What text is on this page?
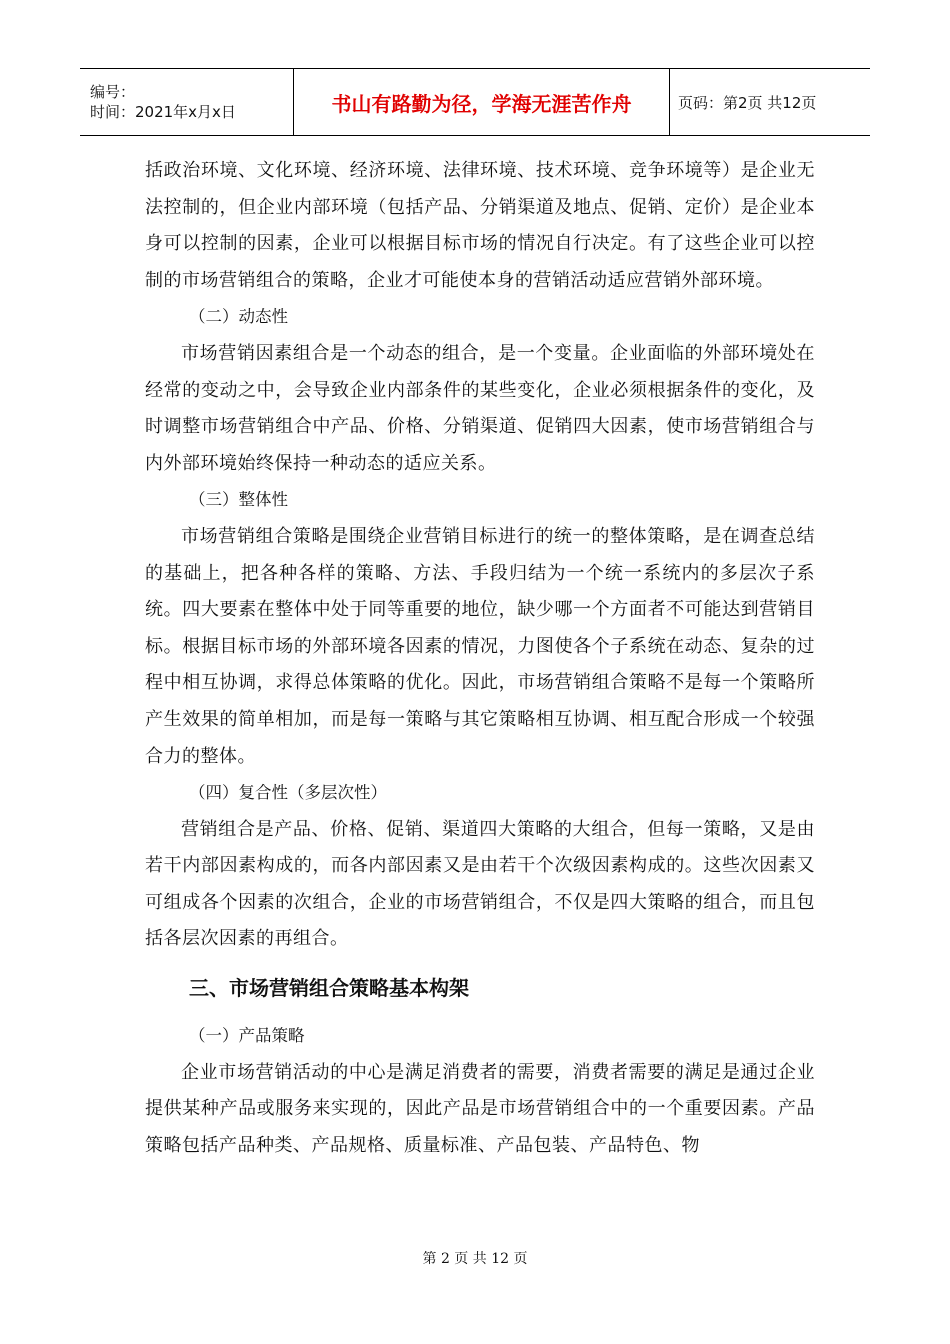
编号：
时间：2021年x月x日	书山有路勤为径，学海无涯苦作舟	页码：第2页 共12页

括政治环境、文化环境、经济环境、法律环境、技术环境、竞争环境等）是企业无法控制的，但企业内部环境（包括产品、分销渠道及地点、促销、定价）是企业本身可以控制的因素，企业可以根据目标市场的情况自行决定。有了这些企业可以控制的市场营销组合的策略，企业才可能使本身的营销活动适应营销外部环境。

（二）动态性

市场营销因素组合是一个动态的组合，是一个变量。企业面临的外部环境处在经常的变动之中，会导致企业内部条件的某些变化，企业必须根据条件的变化，及时调整市场营销组合中产品、价格、分销渠道、促销四大因素，使市场营销组合与内外部环境始终保持一种动态的适应关系。

（三）整体性

市场营销组合策略是围绕企业营销目标进行的统一的整体策略，是在调查总结的基础上，把各种各样的策略、方法、手段归结为一个统一系统内的多层次子系统。四大要素在整体中处于同等重要的地位，缺少哪一个方面者不可能达到营销目标。根据目标市场的外部环境各因素的情况，力图使各个子系统在动态、复杂的过程中相互协调，求得总体策略的优化。因此，市场营销组合策略不是每一个策略所产生效果的简单相加，而是每一策略与其它策略相互协调、相互配合形成一个较强合力的整体。

（四）复合性（多层次性）

营销组合是产品、价格、促销、渠道四大策略的大组合，但每一策略，又是由若干内部因素构成的，而各内部因素又是由若干个次级因素构成的。这些次因素又可组成各个因素的次组合，企业的市场营销组合，不仅是四大策略的组合，而且包括各层次因素的再组合。

三、市场营销组合策略基本构架

（一）产品策略

企业市场营销活动的中心是满足消费者的需要，消费者需要的满足是通过企业提供某种产品或服务来实现的，因此产品是市场营销组合中的一个重要因素。产品策略包括产品种类、产品规格、质量标准、产品包装、产品特色、物

第 2 页 共 12 页
